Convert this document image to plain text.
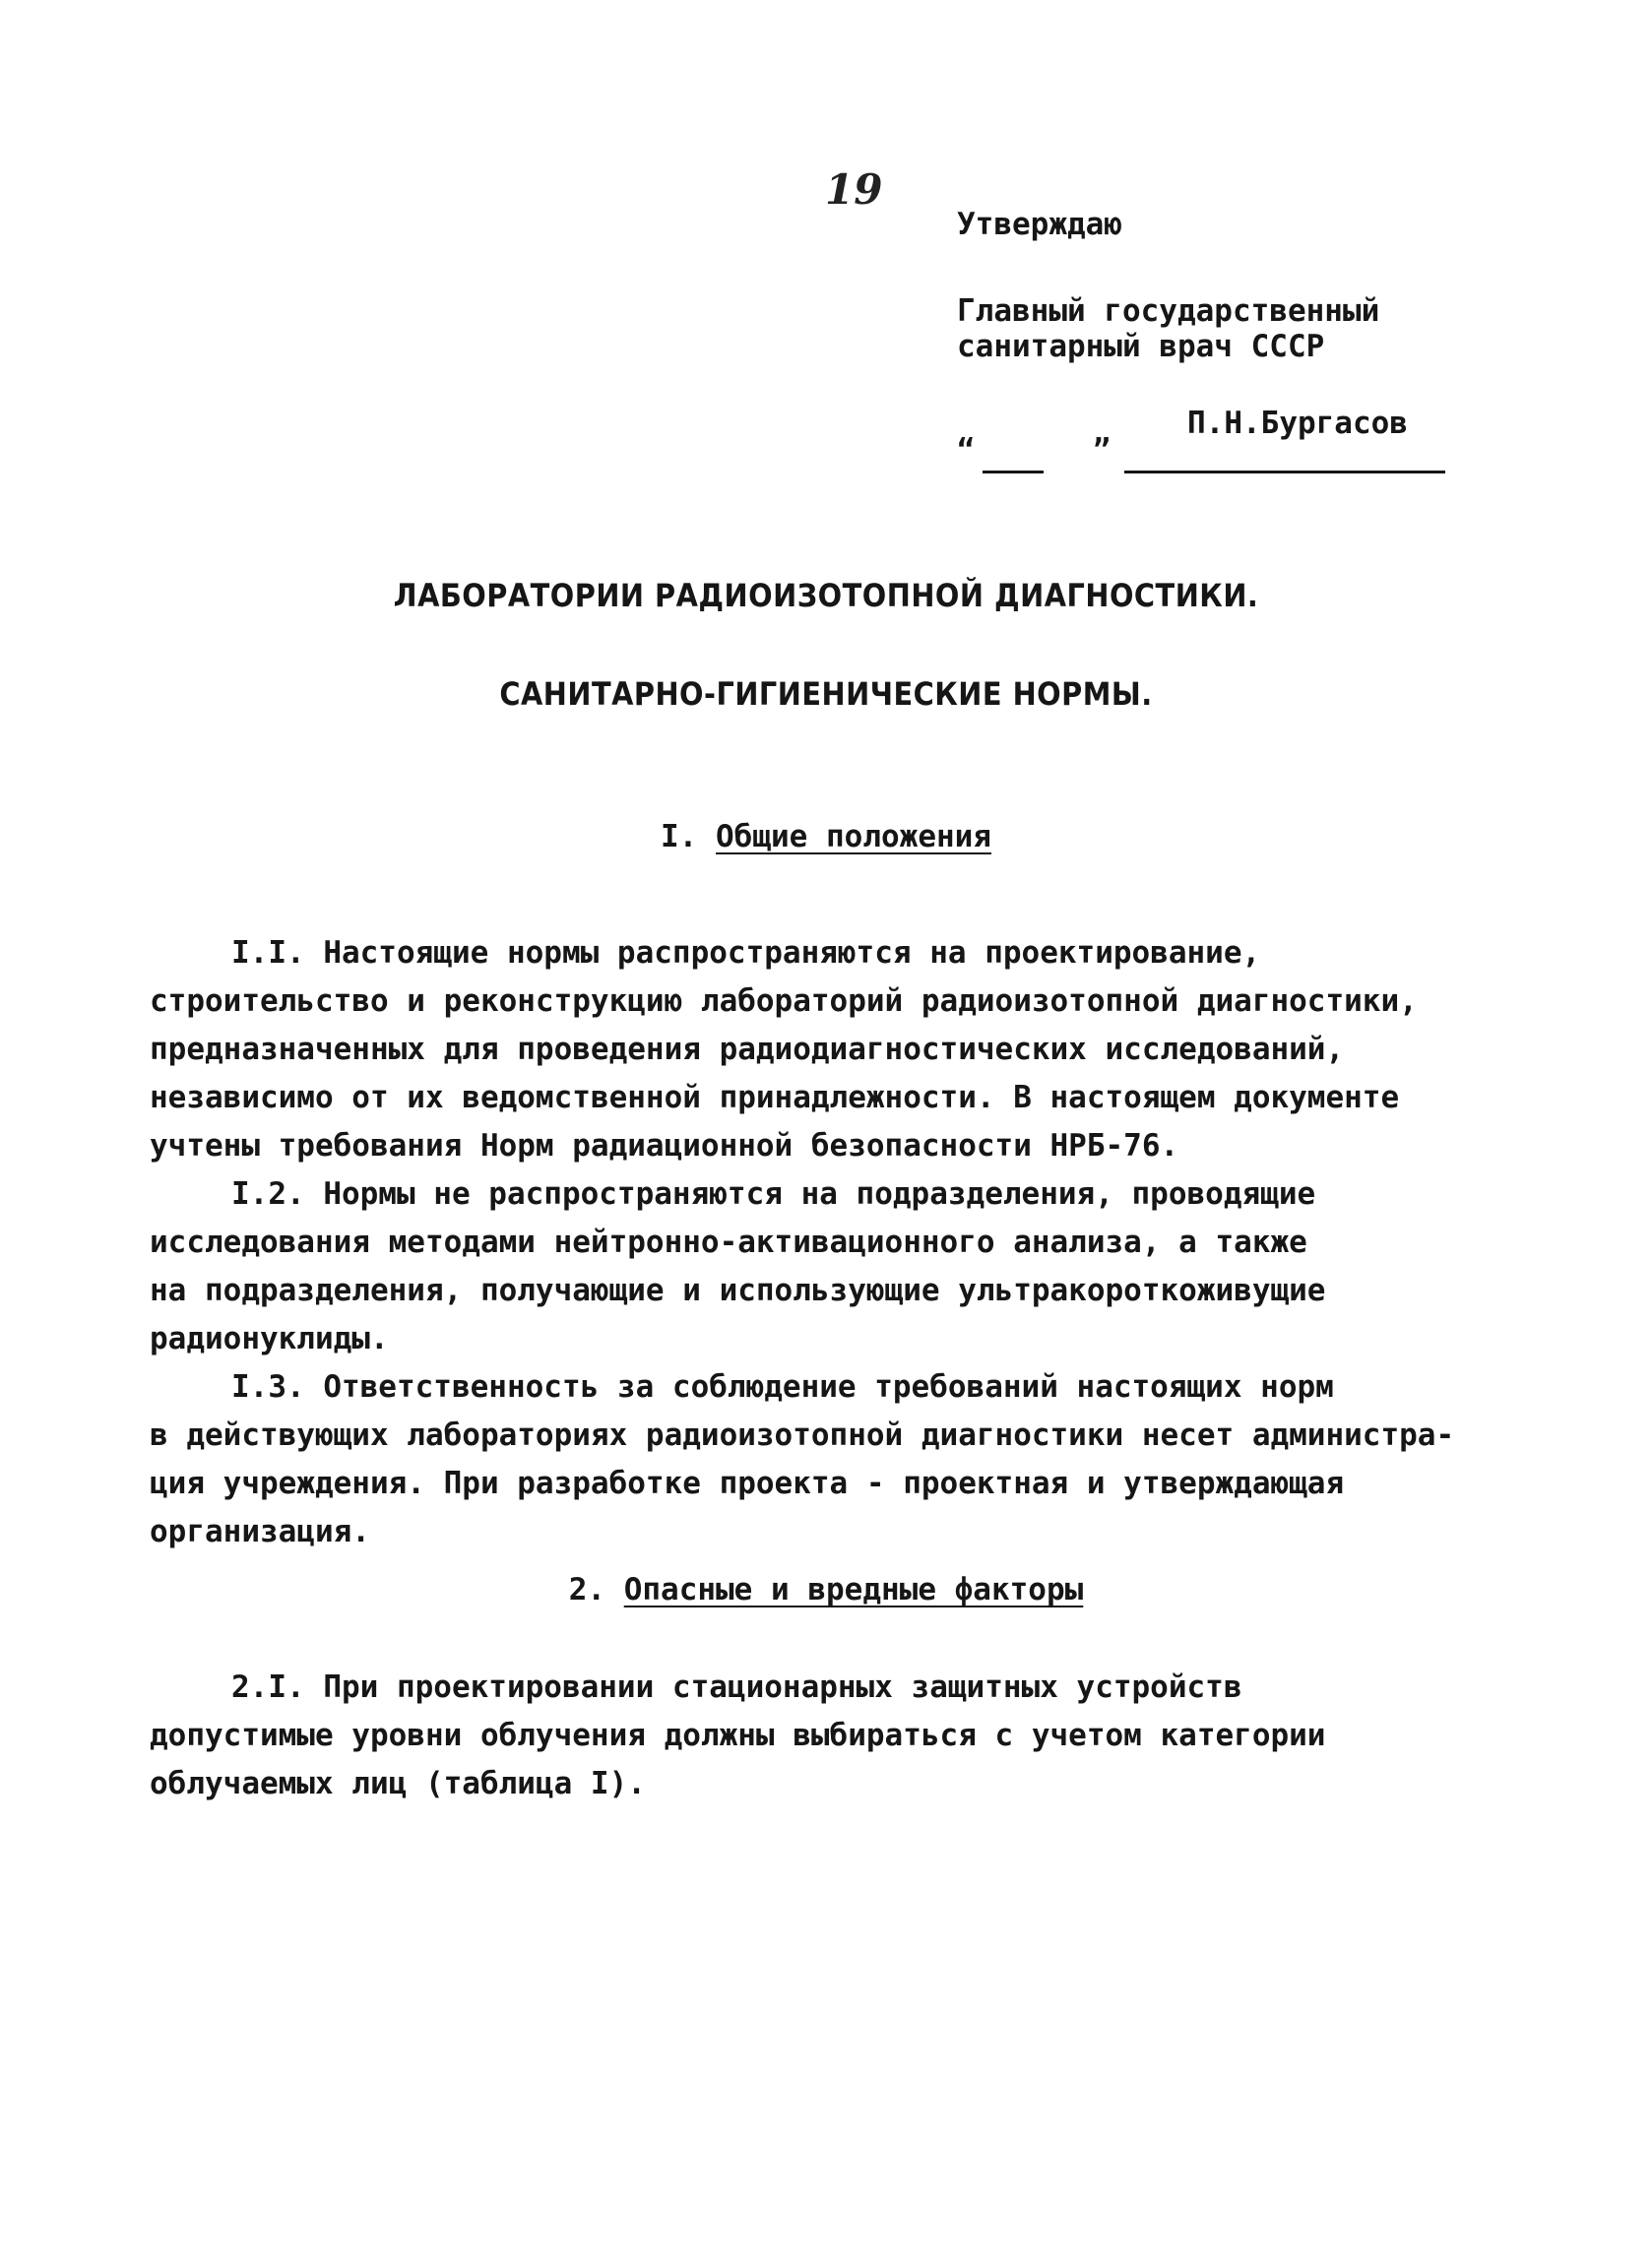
19
Утверждаю
Главный государственный
санитарный врач СССР
П.Н.Бургасов
“	”
ЛАБОРАТОРИИ РАДИОИЗОТОПНОЙ ДИАГНОСТИКИ.
САНИТАРНО-ГИГИЕНИЧЕСКИЕ НОРМЫ.
I. Общие положения

I.I. Настоящие нормы распространяются на проектирование,
строительство и реконструкцию лабораторий радиоизотопной диагностики,
предназначенных для проведения радиодиагностических исследований,
независимо от их ведомственной принадлежности. В настоящем документе
учтены требования Норм радиационной безопасности НРБ-76.

I.2. Нормы не распространяются на подразделения, проводящие
исследования методами нейтронно-активационного анализа, а также
на подразделения, получающие и использующие ультракороткоживущие
радионуклиды.

I.3. Ответственность за соблюдение требований настоящих норм
в действующих лабораториях радиоизотопной диагностики несет администра-
ция учреждения. При разработке проекта - проектная и утверждающая
организация.

2. Опасные и вредные факторы

2.I. При проектировании стационарных защитных устройств
допустимые уровни облучения должны выбираться с учетом категории
облучаемых лиц (таблица I).
